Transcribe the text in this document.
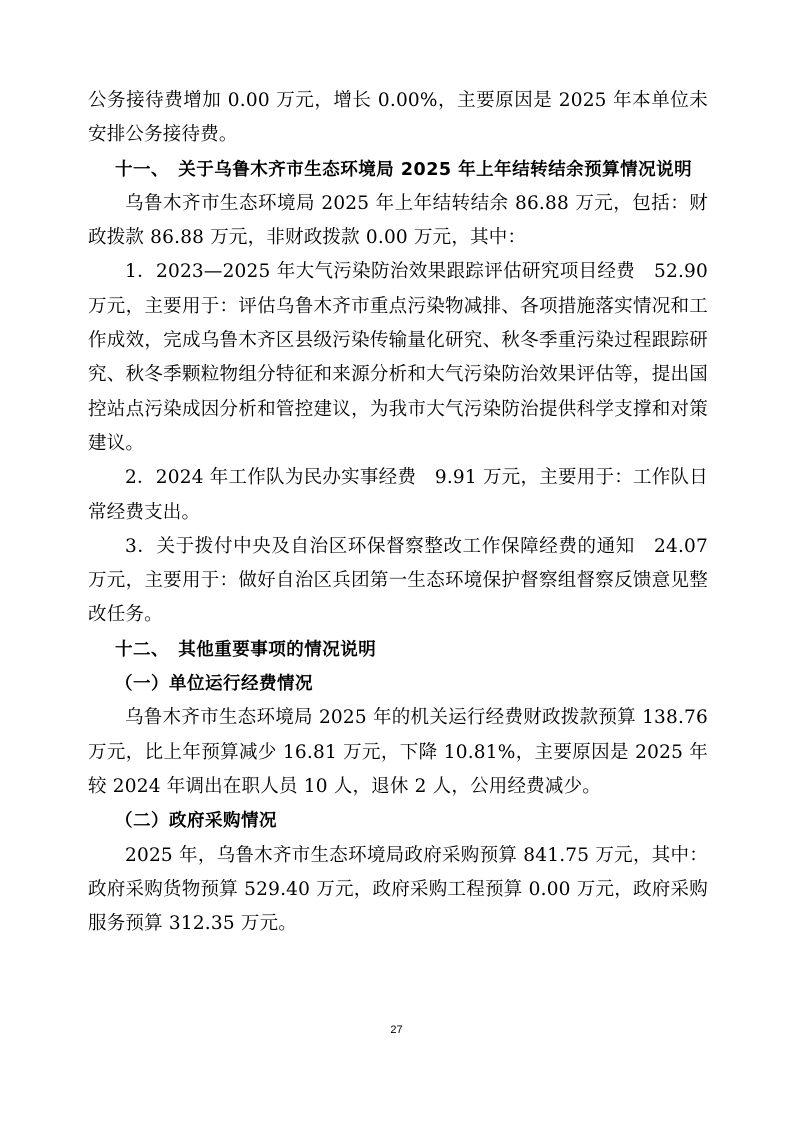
公务接待费增加 0.00 万元，增长 0.00%，主要原因是 2025 年本单位未安排公务接待费。

十一、　关于乌鲁木齐市生态环境局 2025 年上年结转结余预算情况说明

乌鲁木齐市生态环境局 2025 年上年结转结余 86.88 万元，包括：财政拨款 86.88 万元，非财政拨款 0.00 万元，其中：

1．2023—2025 年大气污染防治效果跟踪评估研究项目经费　52.90 万元，主要用于：评估乌鲁木齐市重点污染物减排、各项措施落实情况和工作成效，完成乌鲁木齐区县级污染传输量化研究、秋冬季重污染过程跟踪研究、秋冬季颗粒物组分特征和来源分析和大气污染防治效果评估等，提出国控站点污染成因分析和管控建议，为我市大气污染防治提供科学支撑和对策建议。

2．2024 年工作队为民办实事经费　9.91 万元，主要用于：工作队日常经费支出。

3．关于拨付中央及自治区环保督察整改工作保障经费的通知　24.07 万元，主要用于：做好自治区兵团第一生态环境保护督察组督察反馈意见整改任务。

十二、　其他重要事项的情况说明

（一）单位运行经费情况

乌鲁木齐市生态环境局 2025 年的机关运行经费财政拨款预算 138.76 万元，比上年预算减少 16.81 万元，下降 10.81%，主要原因是 2025 年较 2024 年调出在职人员 10 人，退休 2 人，公用经费减少。

（二）政府采购情况

2025 年，乌鲁木齐市生态环境局政府采购预算 841.75 万元，其中：政府采购货物预算 529.40 万元，政府采购工程预算 0.00 万元，政府采购服务预算 312.35 万元。

27
